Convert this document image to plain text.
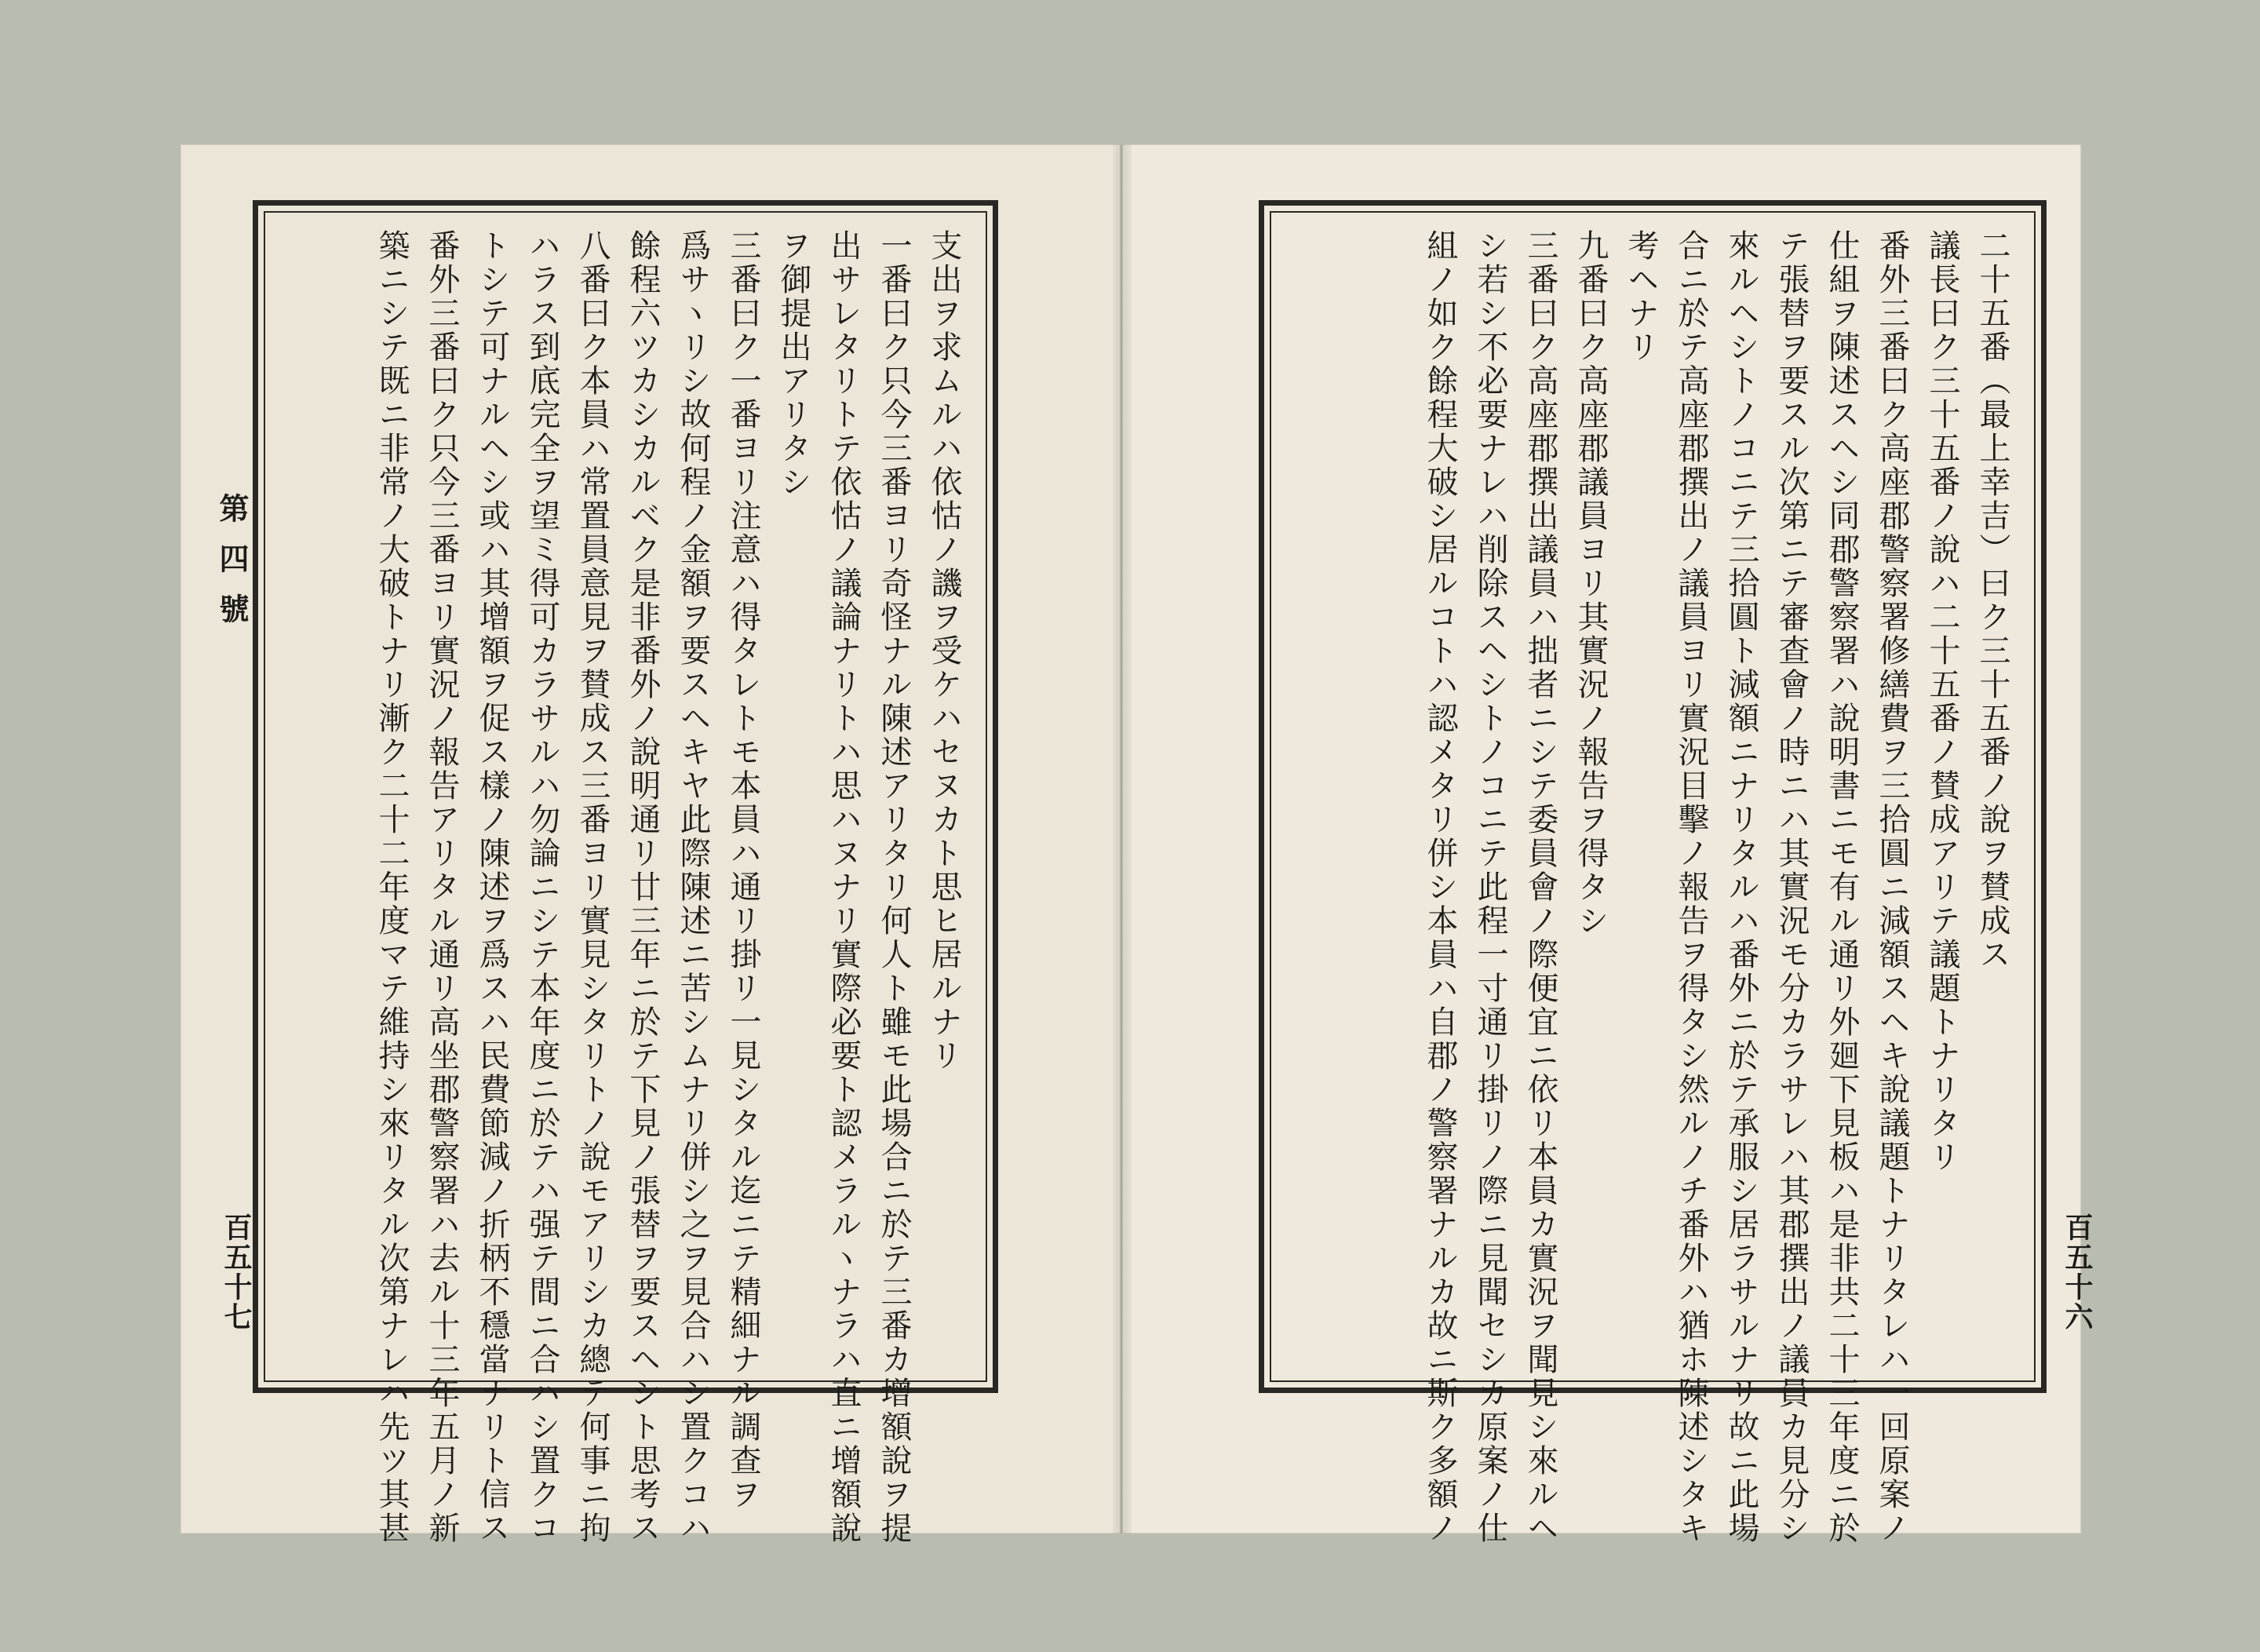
第四號
百五十七	百五十六
支出ヲ求ムルハ依怙ノ譏ヲ受ケハセヌカト思ヒ居ルナリ
一番曰ク只今三番ヨリ奇怪ナル陳述アリタリ何人ト雖モ此場合ニ於テ三番カ增額說ヲ提
出サレタリトテ依怙ノ議論ナリトハ思ハヌナリ實際必要ト認メラルヽナラハ直ニ增額說
ヲ御提出アリタシ
三番曰ク一番ヨリ注意ハ得タレトモ本員ハ通リ掛リ一見シタル迄ニテ精細ナル調查ヲ
爲サヽリシ故何程ノ金額ヲ要スヘキヤ此際陳述ニ苦シムナリ併シ之ヲ見合ハシ置クコハ
餘程六ツカシカルベク是非番外ノ說明通リ廿三年ニ於テ下見ノ張替ヲ要スヘシト思考ス
八番曰ク本員ハ常置員意見ヲ賛成ス三番ヨリ實見シタリトノ說モアリシカ總テ何事ニ拘
ハラス到底完全ヲ望ミ得可カラサルハ勿論ニシテ本年度ニ於テハ强テ間ニ合ハシ置クコ
トシテ可ナルヘシ或ハ其增額ヲ促ス樣ノ陳述ヲ爲スハ民費節減ノ折柄不穩當ナリト信ス
番外三番曰ク只今三番ヨリ實況ノ報告アリタル通リ高坐郡警察署ハ去ル十三年五月ノ新
築ニシテ既ニ非常ノ大破トナリ漸ク二十二年度マテ維持シ來リタル次第ナレハ先ツ其甚	二十五番（最上幸吉）曰ク三十五番ノ說ヲ賛成ス
議長曰ク三十五番ノ說ハ二十五番ノ賛成アリテ議題トナリタリ
番外三番曰ク高座郡警察署修繕費ヲ三拾圓ニ減額スヘキ說議題トナリタレハ一回原案ノ
仕組ヲ陳述スヘシ同郡警察署ハ說明書ニモ有ル通リ外廻下見板ハ是非共二十三年度ニ於
テ張替ヲ要スル次第ニテ審查會ノ時ニハ其實況モ分カラサレハ其郡撰出ノ議員カ見分シ
來ルヘシトノコニテ三拾圓ト減額ニナリタルハ番外ニ於テ承服シ居ラサルナリ故ニ此場
合ニ於テ高座郡撰出ノ議員ヨリ實況目擊ノ報告ヲ得タシ然ルノチ番外ハ猶ホ陳述シタキ
考ヘナリ
九番曰ク高座郡議員ヨリ其實況ノ報告ヲ得タシ
三番曰ク高座郡撰出議員ハ拙者ニシテ委員會ノ際便宜ニ依リ本員カ實況ヲ聞見シ來ルヘ
シ若シ不必要ナレハ削除スヘシトノコニテ此程一寸通リ掛リノ際ニ見聞セシカ原案ノ仕
組ノ如ク餘程大破シ居ルコトハ認メタリ併シ本員ハ自郡ノ警察署ナルカ故ニ斯ク多額ノ
